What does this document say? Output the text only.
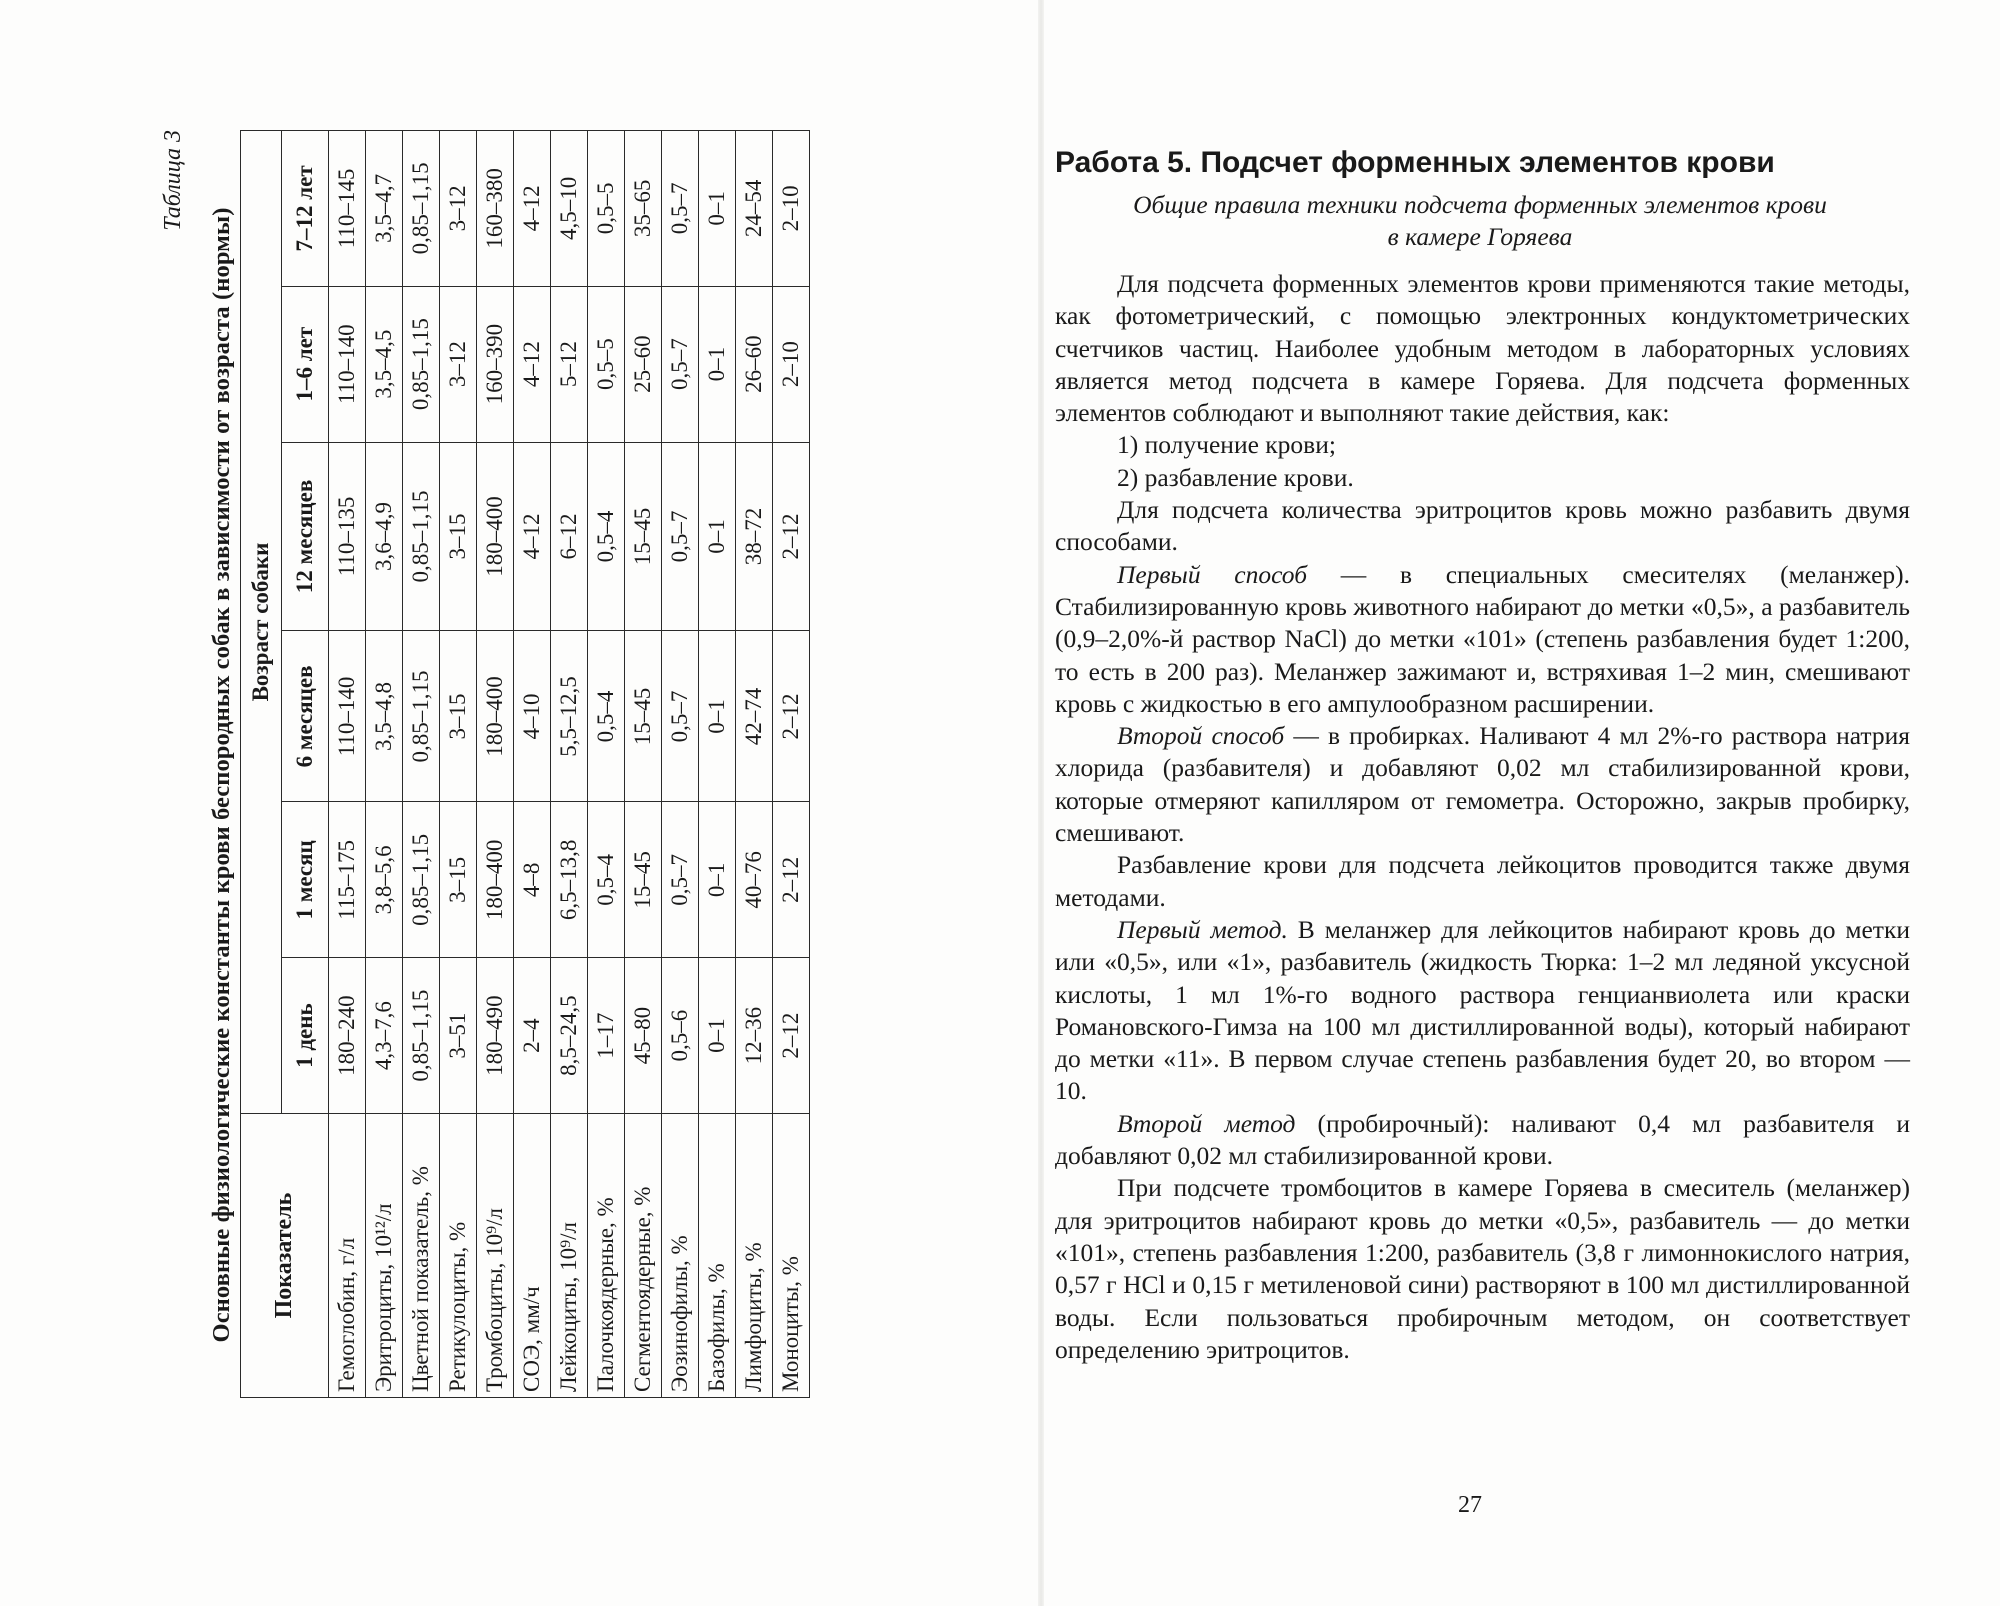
Таблица 3
Основные физиологические константы крови беспородных собак в зависимости от возраста (нормы) Показатель	Возраст собаки					
	1 день	1 месяц	6 месяцев	12 месяцев	1–6 лет	7–12 лет
Гемоглобин, г/л	180–240	115–175	110–140	110–135	110–140	110–145
Эритроциты, 10¹²/л	4,3–7,6	3,8–5,6	3,5–4,8	3,6–4,9	3,5–4,5	3,5–4,7
Цветной показатель, %	0,85–1,15	0,85–1,15	0,85–1,15	0,85–1,15	0,85–1,15	0,85–1,15
Ретикулоциты, %	3–51	3–15	3–15	3–15	3–12	3–12
Тромбоциты, 10⁹/л	180–490	180–400	180–400	180–400	160–390	160–380
СОЭ, мм/ч	2–4	4–8	4–10	4–12	4–12	4–12
Лейкоциты, 10⁹/л	8,5–24,5	6,5–13,8	5,5–12,5	6–12	5–12	4,5–10
Палочкоядерные, %	1–17	0,5–4	0,5–4	0,5–4	0,5–5	0,5–5
Сегментоядерные, %	45–80	15–45	15–45	15–45	25–60	35–65
Эозинофилы, %	0,5–6	0,5–7	0,5–7	0,5–7	0,5–7	0,5–7
Базофилы, %	0–1	0–1	0–1	0–1	0–1	0–1
Лимфоциты, %	12–36	40–76	42–74	38–72	26–60	24–54
Моноциты, %	2–12	2–12	2–12	2–12	2–10	2–10
Работа 5. Подсчет форменных элементов крови
Общие правила техники подсчета форменных элементов крови
в камере Горяева

Для подсчета форменных элементов крови применяются такие методы, как фотометрический, с помощью электронных кондуктометрических счетчиков частиц. Наиболее удобным методом в лабораторных условиях является метод подсчета в камере Горяева. Для подсчета форменных элементов соблюдают и выполняют такие действия, как:

1) получение крови;

2) разбавление крови.

Для подсчета количества эритроцитов кровь можно разбавить двумя способами.

Первый способ — в специальных смесителях (меланжер). Стабилизированную кровь животного набирают до метки «0,5», а разбавитель (0,9–2,0%-й раствор NaCl) до метки «101» (степень разбавления будет 1:200, то есть в 200 раз). Меланжер зажимают и, встряхивая 1–2 мин, смешивают кровь с жидкостью в его ампулообразном расширении.

Второй способ — в пробирках. Наливают 4 мл 2%-го раствора натрия хлорида (разбавителя) и добавляют 0,02 мл стабилизированной крови, которые отмеряют капилляром от гемометра. Осторожно, закрыв пробирку, смешивают.

Разбавление крови для подсчета лейкоцитов проводится также двумя методами.

Первый метод. В меланжер для лейкоцитов набирают кровь до метки или «0,5», или «1», разбавитель (жидкость Тюрка: 1–2 мл ледяной уксусной кислоты, 1 мл 1%-го водного раствора генцианвиолета или краски Романовского-Гимза на 100 мл дистиллированной воды), который набирают до метки «11». В первом случае степень разбавления будет 20, во втором — 10.

Второй метод (пробирочный): наливают 0,4 мл разбавителя и добавляют 0,02 мл стабилизированной крови.

При подсчете тромбоцитов в камере Горяева в смеситель (меланжер) для эритроцитов набирают кровь до метки «0,5», разбавитель — до метки «101», степень разбавления 1:200, разбавитель (3,8 г лимоннокислого натрия, 0,57 г HCl и 0,15 г метиленовой сини) растворяют в 100 мл дистиллированной воды. Если пользоваться пробирочным методом, он соответствует определению эритроцитов.

27
